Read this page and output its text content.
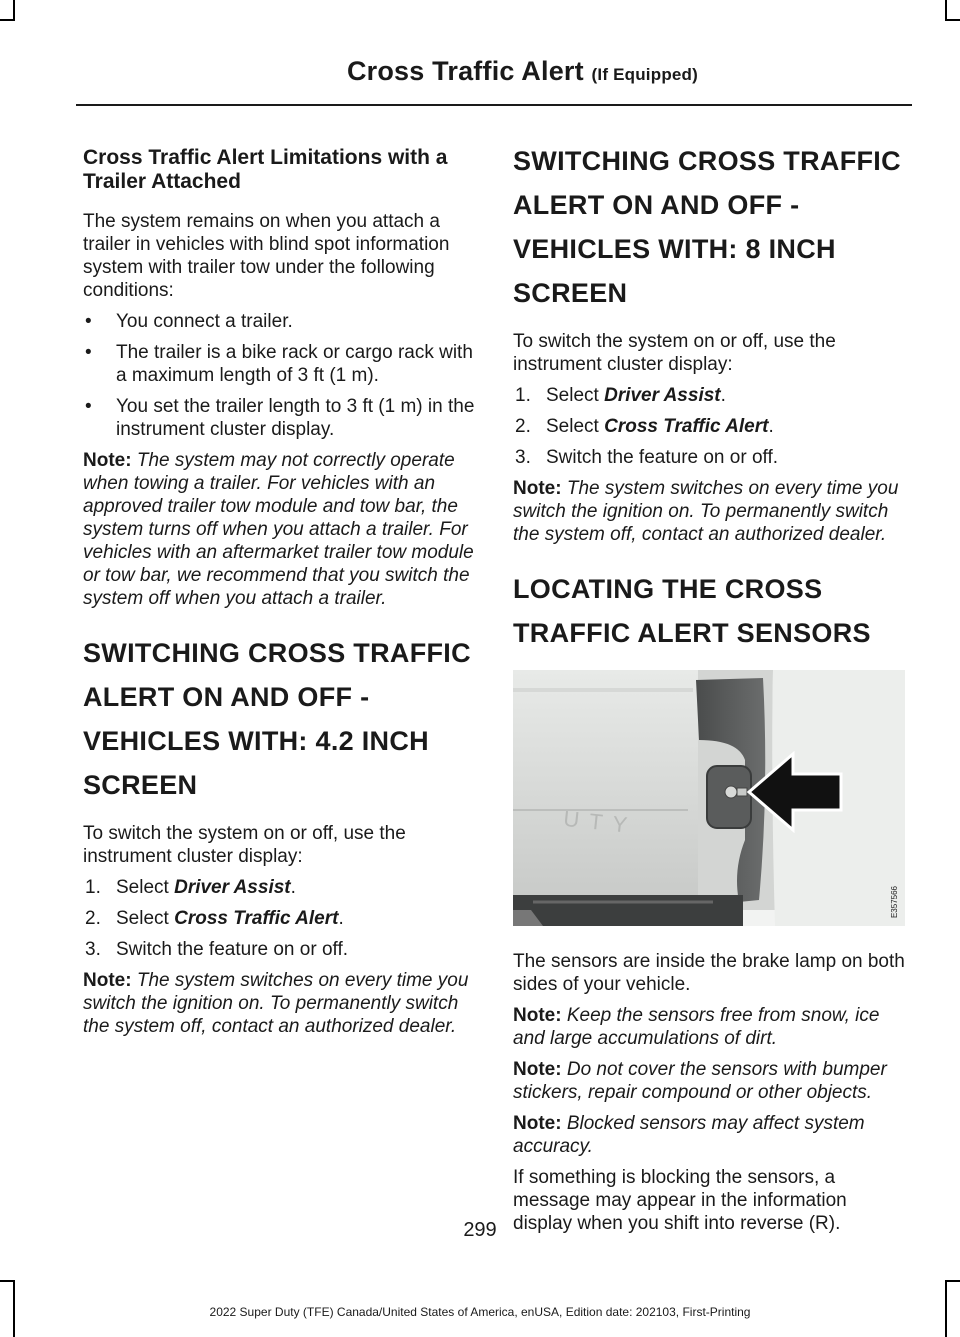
Cross Traffic Alert (If Equipped)
Cross Traffic Alert Limitations with a Trailer Attached

The system remains on when you attach a trailer in vehicles with blind spot information system with trailer tow under the following conditions:

• You connect a trailer.
• The trailer is a bike rack or cargo rack with a maximum length of 3 ft (1 m).
• You set the trailer length to 3 ft (1 m) in the instrument cluster display.

Note: The system may not correctly operate when towing a trailer. For vehicles with an approved trailer tow module and tow bar, the system turns off when you attach a trailer. For vehicles with an aftermarket trailer tow module or tow bar, we recommend that you switch the system off when you attach a trailer.

SWITCHING CROSS TRAFFIC
ALERT ON AND OFF -
VEHICLES WITH: 4.2 INCH
SCREEN

To switch the system on or off, use the instrument cluster display:

1. Select Driver Assist.
2. Select Cross Traffic Alert.
3. Switch the feature on or off.

Note: The system switches on every time you switch the ignition on. To permanently switch the system off, contact an authorized dealer.

SWITCHING CROSS TRAFFIC
ALERT ON AND OFF -
VEHICLES WITH: 8 INCH
SCREEN

To switch the system on or off, use the instrument cluster display:

1. Select Driver Assist.
2. Select Cross Traffic Alert.
3. Switch the feature on or off.

Note: The system switches on every time you switch the ignition on. To permanently switch the system off, contact an authorized dealer.

LOCATING THE CROSS
TRAFFIC ALERT SENSORS
UTY
E357566

The sensors are inside the brake lamp on both sides of your vehicle.

Note: Keep the sensors free from snow, ice and large accumulations of dirt.

Note: Do not cover the sensors with bumper stickers, repair compound or other objects.

Note: Blocked sensors may affect system accuracy.

If something is blocking the sensors, a message may appear in the information display when you shift into reverse (R).

299
2022 Super Duty (TFE) Canada/United States of America, enUSA, Edition date: 202103, First-Printing
